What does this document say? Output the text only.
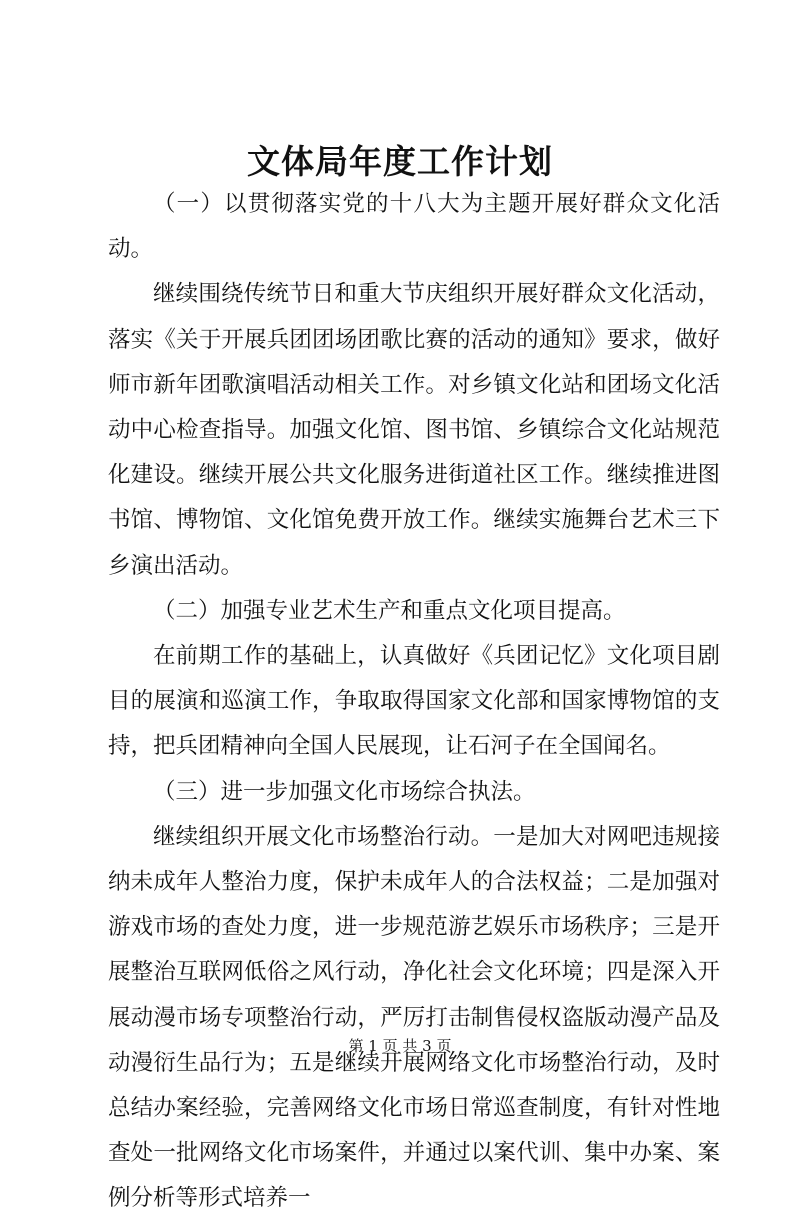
文体局年度工作计划

（一）以贯彻落实党的十八大为主题开展好群众文化活动。

继续围绕传统节日和重大节庆组织开展好群众文化活动，落实《关于开展兵团团场团歌比赛的活动的通知》要求，做好师市新年团歌演唱活动相关工作。对乡镇文化站和团场文化活动中心检查指导。加强文化馆、图书馆、乡镇综合文化站规范化建设。继续开展公共文化服务进街道社区工作。继续推进图书馆、博物馆、文化馆免费开放工作。继续实施舞台艺术三下乡演出活动。

（二）加强专业艺术生产和重点文化项目提高。

在前期工作的基础上，认真做好《兵团记忆》文化项目剧目的展演和巡演工作，争取取得国家文化部和国家博物馆的支持，把兵团精神向全国人民展现，让石河子在全国闻名。

（三）进一步加强文化市场综合执法。

继续组织开展文化市场整治行动。一是加大对网吧违规接纳未成年人整治力度，保护未成年人的合法权益；二是加强对游戏市场的查处力度，进一步规范游艺娱乐市场秩序；三是开展整治互联网低俗之风行动，净化社会文化环境；四是深入开展动漫市场专项整治行动，严厉打击制售侵权盗版动漫产品及动漫衍生品行为；五是继续开展网络文化市场整治行动，及时总结办案经验，完善网络文化市场日常巡查制度，有针对性地查处一批网络文化市场案件，并通过以案代训、集中办案、案例分析等形式培养一

第 1 页 共 3 页
